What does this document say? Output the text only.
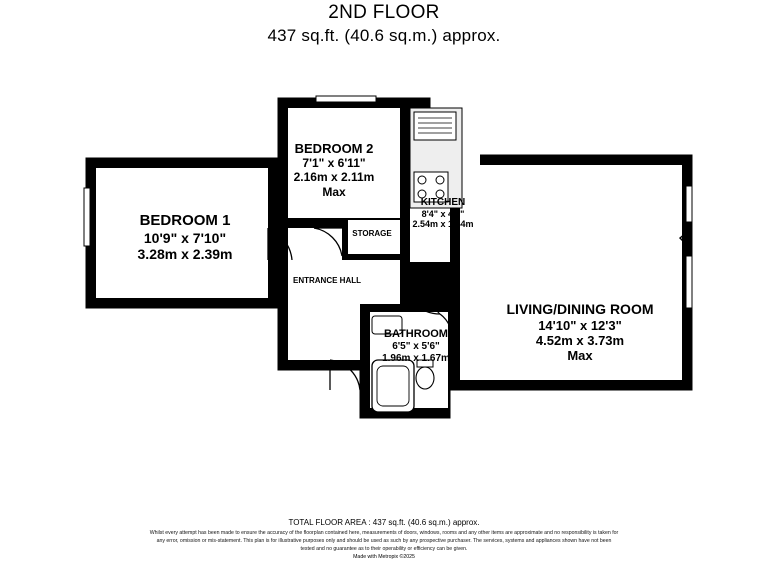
2ND FLOOR
437 sq.ft. (40.6 sq.m.) approx.
BEDROOM 1
10'9" x 7'10"
3.28m x 2.39m
BEDROOM 2
7'1" x 6'11"
2.16m x 2.11m
Max
KITCHEN
8'4" x 4'9"
2.54m x 1.44m
STORAGE
ENTRANCE HALL
BATHROOM
6'5" x 5'6"
1.96m x 1.67m
LIVING/DINING ROOM
14'10" x 12'3"
4.52m x 3.73m
Max
TOTAL FLOOR AREA : 437 sq.ft. (40.6 sq.m.) approx.
Whilst every attempt has been made to ensure the accuracy of the floorplan contained here, measurements of doors, windows, rooms and any other items are approximate and no responsibility is taken for any error, omission or mis-statement. This plan is for illustrative purposes only and should be used as such by any prospective purchaser. The services, systems and appliances shown have not been tested and no guarantee as to their operability or efficiency can be given.
Made with Metropix ©2025
